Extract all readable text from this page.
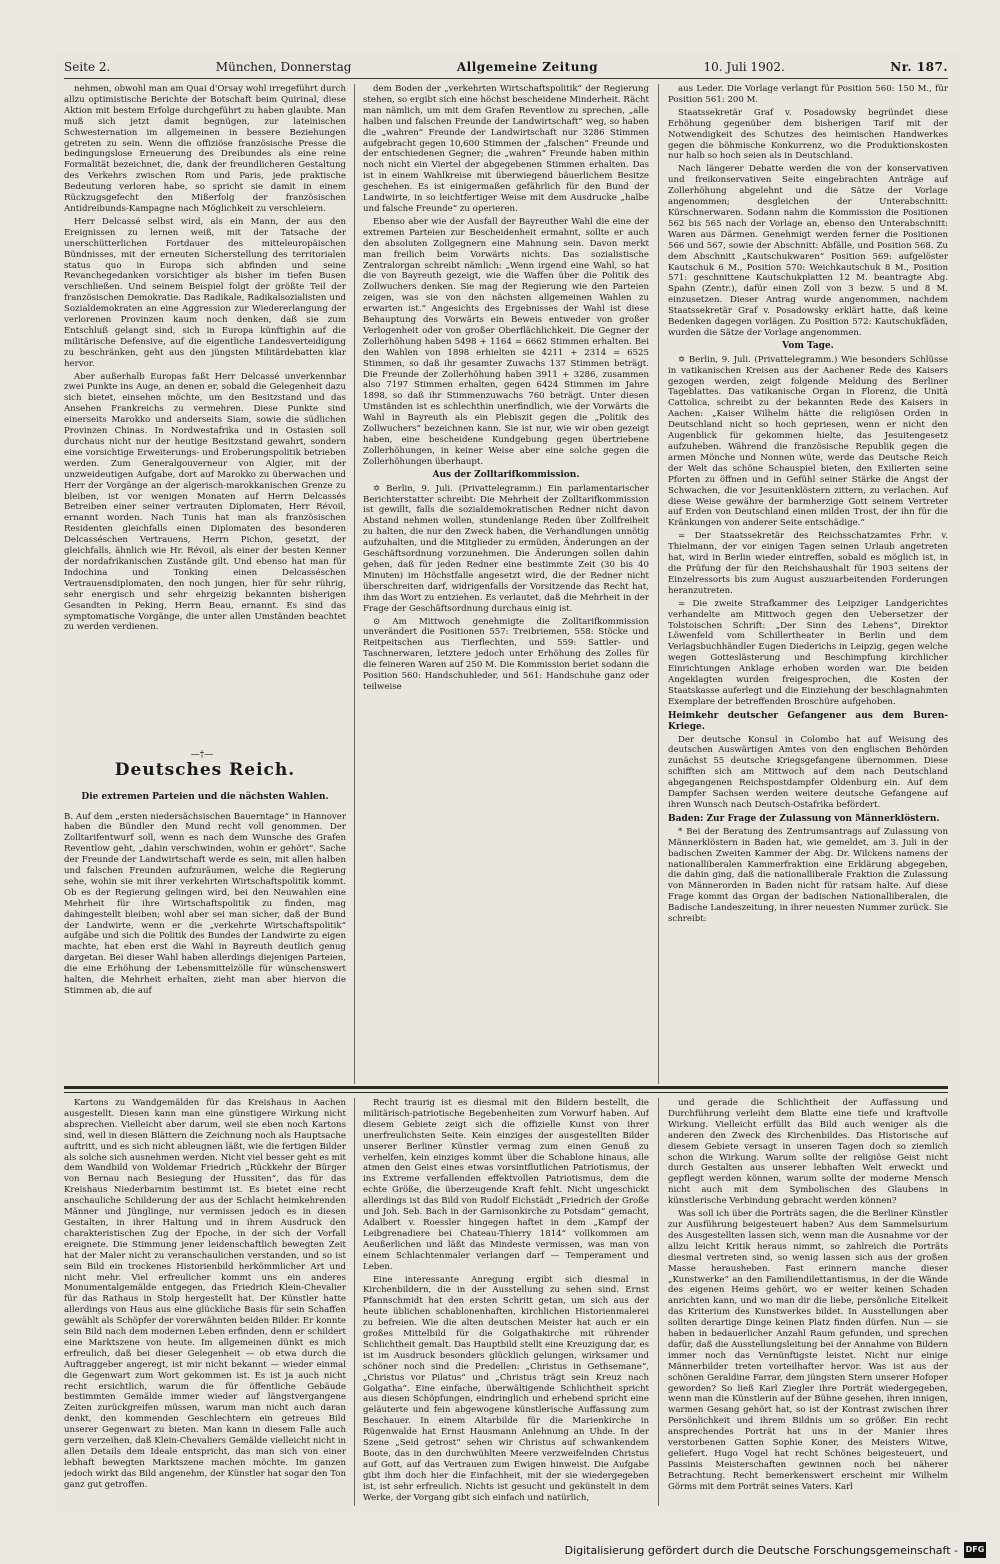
Seite 2.	München, Donnerstag	Allgemeine Zeitung	10. Juli 1902.	Nr. 187.

nehmen, obwohl man am Quai d'Orsay wohl irregeführt durch allzu optimistische Berichte der Botschaft beim Quirinal, diese Aktion mit bestem Erfolge durchgeführt zu haben glaubte. Man muß sich jetzt damit begnügen, zur lateinischen Schwesternation im allgemeinen in bessere Beziehungen getreten zu sein. Wenn die offiziöse französische Presse die bedingungslose Erneuerung des Dreibundes als eine reine Formalität bezeichnet, die, dank der freundlicheren Gestaltung des Verkehrs zwischen Rom und Paris, jede praktische Bedeutung verloren habe, so spricht sie damit in einem Rückzugsgefecht den Mißerfolg der französischen Antidreibunds-Kampagne nach Möglichkeit zu verschleiern.

Herr Delcassé selbst wird, als ein Mann, der aus den Ereignissen zu lernen weiß, mit der Tatsache der unerschütterlichen Fortdauer des mitteleuropäischen Bündnisses, mit der erneuten Sicherstellung des territorialen status quo in Europa sich abfinden und seine Revanchegedanken vorsichtiger als bisher im tiefen Busen verschließen. Und seinem Beispiel folgt der größte Teil der französischen Demokratie. Das Radikale, Radikalsozialisten und Sozialdemokraten an eine Aggression zur Wiedererlangung der verlorenen Provinzen kaum noch denken, daß sie zum Entschluß gelangt sind, sich in Europa künftighin auf die militärische Defensive, auf die eigentliche Landesverteidigung zu beschränken, geht aus den jüngsten Militärdebatten klar hervor.

Aber außerhalb Europas faßt Herr Delcassé unverkennbar zwei Punkte ins Auge, an denen er, sobald die Gelegenheit dazu sich bietet, einsehen möchte, um den Besitzstand und das Ansehen Frankreichs zu vermehren. Diese Punkte sind einerseits Marokko und anderseits Siam, sowie die südlichen Provinzen Chinas. In Nordwestafrika und in Ostasien soll durchaus nicht nur der heutige Besitzstand gewahrt, sondern eine vorsichtige Erweiterungs- und Eroberungspolitik betrieben werden. Zum Generalgouverneur von Algier, mit der unzweideutigen Aufgabe, dort auf Marokko zu überwachen und Herr der Vorgänge an der algerisch-marokkanischen Grenze zu bleiben, ist vor wenigen Monaten auf Herrn Delcassés Betreiben einer seiner vertrauten Diplomaten, Herr Révoil, ernannt worden. Nach Tunis hat man als französischen Residenten gleichfalls einen Diplomaten des besonderen Delcasséschen Vertrauens, Herrn Pichon, gesetzt, der gleichfalls, ähnlich wie Hr. Révoil, als einer der besten Kenner der nordafrikanischen Zustände gilt. Und ebenso hat man für Indochina und Tonking einen Delcasséschen Vertrauensdiplomaten, den noch jungen, hier für sehr rührig, sehr energisch und sehr ehrgeizig bekannten bisherigen Gesandten in Peking, Herrn Beau, ernannt. Es sind das symptomatische Vorgänge, die unter allen Umständen beachtet zu werden verdienen.

—†—
Deutsches Reich.
Die extremen Parteien und die nächsten Wahlen.

B. Auf dem „ersten niedersächsischen Bauerntage“ in Hannover haben die Bündler den Mund recht voll genommen. Der Zolltarifentwurf soll, wenn es nach dem Wunsche des Grafen Reventlow geht, „dahin verschwinden, wohin er gehört“. Sache der Freunde der Landwirtschaft werde es sein, mit allen halben und falschen Freunden aufzuräumen, welche die Regierung sehe, wohin sie mit ihrer verkehrten Wirtschaftspolitik kommt. Ob es der Regierung gelingen wird, bei den Neuwahlen eine Mehrheit für ihre Wirtschaftspolitik zu finden, mag dahingestellt bleiben; wohl aber sei man sicher, daß der Bund der Landwirte, wenn er die „verkehrte Wirtschaftspolitik“ aufgäbe und sich die Politik des Bundes der Landwirte zu eigen machte, hat eben erst die Wahl in Bayreuth deutlich genug dargetan. Bei dieser Wahl haben allerdings diejenigen Parteien, die eine Erhöhung der Lebensmittelzölle für wünschenswert halten, die Mehrheit erhalten, zieht man aber hiervon die Stimmen ab, die auf

dem Boden der „verkehrten Wirtschaftspolitik“ der Regierung stehen, so ergibt sich eine höchst bescheidene Minderheit. Rächt man nämlich, um mit dem Grafen Reventlow zu sprechen, „alle halben und falschen Freunde der Landwirtschaft“ weg, so haben die „wahren“ Freunde der Landwirtschaft nur 3286 Stimmen aufgebracht gegen 10,600 Stimmen der „falschen“ Freunde und der entschiedenen Gegner; die „wahren“ Freunde haben mithin noch nicht ein Viertel der abgegebenen Stimmen erhalten. Das ist in einem Wahlkreise mit überwiegend bäuerlichem Besitze geschehen. Es ist einigermaßen gefährlich für den Bund der Landwirte, in so leichtfertiger Weise mit dem Ausdrucke „halbe und falsche Freunde“ zu operieren.

Ebenso aber wie der Ausfall der Bayreuther Wahl die eine der extremen Parteien zur Bescheidenheit ermahnt, sollte er auch den absoluten Zollgegnern eine Mahnung sein. Davon merkt man freilich beim Vorwärts nichts. Das sozialistische Zentralorgan schreibt nämlich: „Wenn irgend eine Wahl, so hat die von Bayreuth gezeigt, wie die Waffen über die Politik des Zollwuchers denken. Sie mag der Regierung wie den Parteien zeigen, was sie von den nächsten allgemeinen Wahlen zu erwarten ist.“ Angesichts des Ergebnisses der Wahl ist diese Behauptung des Vorwärts ein Beweis entweder von großer Verlogenheit oder von großer Oberflächlichkeit. Die Gegner der Zollerhöhung haben 5498 + 1164 = 6662 Stimmen erhalten. Bei den Wahlen von 1898 erhielten sie 4211 + 2314 = 6525 Stimmen, so daß ihr gesamter Zuwachs 137 Stimmen beträgt. Die Freunde der Zollerhöhung haben 3911 + 3286, zusammen also 7197 Stimmen erhalten, gegen 6424 Stimmen im Jahre 1898, so daß ihr Stimmenzuwachs 760 beträgt. Unter diesen Umständen ist es schlechthin unerfindlich, wie der Vorwärts die Wahl in Bayreuth als ein Plebiszit gegen die „Politik des Zollwuchers“ bezeichnen kann. Sie ist nur, wie wir oben gezeigt haben, eine bescheidene Kundgebung gegen übertriebene Zollerhöhungen, in keiner Weise aber eine solche gegen die Zollerhöhungen überhaupt.

Aus der Zolltarifkommission.

✡ Berlin, 9. Juli. (Privattelegramm.) Ein parlamentarischer Berichterstatter schreibt: Die Mehrheit der Zolltarifkommission ist gewillt, falls die sozialdemokratischen Redner nicht davon Abstand nehmen wollen, stundenlange Reden über Zollfreiheit zu halten, die nur den Zweck haben, die Verhandlungen unnötig aufzuhalten, und die Mitglieder zu ermüden, Änderungen an der Geschäftsordnung vorzunehmen. Die Änderungen sollen dahin gehen, daß für jeden Redner eine bestimmte Zeit (30 bis 40 Minuten) im Höchstfalle angesetzt wird, die der Redner nicht überschreiten darf, widrigenfalls der Vorsitzende das Recht hat, ihm das Wort zu entziehen. Es verlautet, daß die Mehrheit in der Frage der Geschäftsordnung durchaus einig ist.

⊙ Am Mittwoch genehmigte die Zolltarifkommission unverändert die Positionen 557: Treibriemen, 558: Stöcke und Reitpeitschen aus Tierflechten, und 559: Sattler- und Taschnerwaren, letztere jedoch unter Erhöhung des Zolles für die feineren Waren auf 250 M. Die Kommission beriet sodann die Position 560: Handschuhleder, und 561: Handschuhe ganz oder teilweise

aus Leder. Die Vorlage verlangt für Position 560: 150 M., für Position 561: 200 M.

Staatssekretär Graf v. Posadowsky begründet diese Erhöhung gegenüber dem bisherigen Tarif mit der Notwendigkeit des Schutzes des heimischen Handwerkes gegen die böhmische Konkurrenz, wo die Produktionskosten nur halb so hoch seien als in Deutschland.

Nach längerer Debatte werden die von der konservativen und freikonservativen Seite eingebrachten Anträge auf Zollerhöhung abgelehnt und die Sätze der Vorlage angenommen; desgleichen der Unterabschnitt: Kürschnerwaren. Sodann nahm die Kommission die Positionen 562 bis 565 nach der Vorlage an, ebenso den Unterabschnitt: Waren aus Därmen. Genehmigt werden ferner die Positionen 566 und 567, sowie der Abschnitt: Abfälle, und Position 568. Zu dem Abschnitt „Kautschukwaren“ Position 569: aufgelöster Kautschuk 6 M., Position 570: Weichkautschuk 8 M., Position 571: geschnittene Kautschukplatten 12 M. beantragte Abg. Spahn (Zentr.), dafür einen Zoll von 3 bezw. 5 und 8 M. einzusetzen. Dieser Antrag wurde angenommen, nachdem Staatssekretär Graf v. Posadowsky erklärt hatte, daß keine Bedenken dagegen vorlägen. Zu Position 572: Kautschukfäden, wurden die Sätze der Vorlage angenommen.

Vom Tage.

✡ Berlin, 9. Juli. (Privattelegramm.) Wie besonders Schlüsse in vatikanischen Kreisen aus der Aachener Rede des Kaisers gezogen werden, zeigt folgende Meldung des Berliner Tageblattes. Das vatikanische Organ in Florenz, die Unità Cattolica, schreibt zu der bekannten Rede des Kaisers in Aachen: „Kaiser Wilhelm hätte die religiösen Orden in Deutschland nicht so hoch gepriesen, wenn er nicht den Augenblick für gekommen hielte, das Jesuitengesetz aufzuheben. Während die französische Republik gegen die armen Mönche und Nonnen wüte, werde das Deutsche Reich der Welt das schöne Schauspiel bieten, den Exilierten seine Pforten zu öffnen und in Gefühl seiner Stärke die Angst der Schwachen, die vor Jesuitenklöstern zittern, zu verlachen. Auf diese Weise gewähre der barmherzige Gott seinem Vertreter auf Erden von Deutschland einen milden Trost, der ihn für die Kränkungen von anderer Seite entschädige.“

= Der Staatssekretär des Reichsschatzamtes Frhr. v. Thielmann, der vor einigen Tagen seinen Urlaub angetreten hat, wird in Berlin wieder eintreffen, sobald es möglich ist, in die Prüfung der für den Reichshaushalt für 1903 seitens der Einzelressorts bis zum August auszuarbeitenden Forderungen heranzutreten.

= Die zweite Strafkammer des Leipziger Landgerichtes verhandelte am Mittwoch gegen den Uebersetzer der Tolstoischen Schrift: „Der Sinn des Lebens“, Direktor Löwenfeld vom Schillertheater in Berlin und dem Verlagsbuchhändler Eugen Diederichs in Leipzig, gegen welche wegen Gotteslästerung und Beschimpfung kirchlicher Einrichtungen Anklage erhoben worden war. Die beiden Angeklagten wurden freigesprochen, die Kosten der Staatskasse auferlegt und die Einziehung der beschlagnahmten Exemplare der betreffenden Broschüre aufgehoben.

Heimkehr deutscher Gefangener aus dem Buren-Kriege.

Der deutsche Konsul in Colombo hat auf Weisung des deutschen Auswärtigen Amtes von den englischen Behörden zunächst 55 deutsche Kriegsgefangene übernommen. Diese schifften sich am Mittwoch auf dem nach Deutschland abgegangenen Reichspostdampfer Oldenburg ein. Auf dem Dampfer Sachsen werden weitere deutsche Gefangene auf ihren Wunsch nach Deutsch-Ostafrika befördert.

Baden: Zur Frage der Zulassung von Männerklöstern.

* Bei der Beratung des Zentrumsantrags auf Zulassung von Männerklöstern in Baden hat, wie gemeldet, am 3. Juli in der badischen Zweiten Kammer der Abg. Dr. Wilckens namens der nationalliberalen Kammerfraktion eine Erklärung abgegeben, die dahin ging, daß die nationalliberale Fraktion die Zulassung von Männerorden in Baden nicht für ratsam halte. Auf diese Frage kommt das Organ der badischen Nationalliberalen, die Badische Landeszeitung, in ihrer neuesten Nummer zurück. Sie schreibt:

Kartons zu Wandgemälden für das Kreishaus in Aachen ausgestellt. Diesen kann man eine günstigere Wirkung nicht absprechen. Vielleicht aber darum, weil sie eben noch Kartons sind, weil in diesen Blättern die Zeichnung noch als Hauptsache auftritt, und es sich nicht ableugnen läßt, wie die fertigen Bilder als solche sich ausnehmen werden. Nicht viel besser geht es mit dem Wandbild von Woldemar Friedrich „Rückkehr der Bürger von Bernau nach Besiegung der Hussiten“, das für das Kreishaus Niederbarnim bestimmt ist. Es bietet eine recht anschauliche Schilderung der aus der Schlacht heimkehrenden Männer und Jünglinge, nur vermissen jedoch es in diesen Gestalten, in ihrer Haltung und in ihrem Ausdruck den charakteristischen Zug der Epoche, in der sich der Vorfall ereignete. Die Stimmung jener leidenschaftlich bewegten Zeit hat der Maler nicht zu veranschaulichen verstanden, und so ist sein Bild ein trockenes Historienbild herkömmlicher Art und nicht mehr. Viel erfreulicher kommt uns ein anderes Monumentalgemälde entgegen, das Friedrich Klein-Chevalier für das Rathaus in Stolp hergestellt hat. Der Künstler hatte allerdings von Haus aus eine glückliche Basis für sein Schaffen gewählt als Schöpfer der vorerwähnten beiden Bilder. Er konnte sein Bild nach dem modernen Leben erfinden, denn er schildert eine Marktszene von heute. Im allgemeinen dünkt es mich erfreulich, daß bei dieser Gelegenheit — ob etwa durch die Auftraggeber angeregt, ist mir nicht bekannt — wieder einmal die Gegenwart zum Wort gekommen ist. Es ist ja auch nicht recht ersichtlich, warum die für öffentliche Gebäude bestimmten Gemälde immer wieder auf längstvergangene Zeiten zurückgreifen müssen, warum man nicht auch daran denkt, den kommenden Geschlechtern ein getreues Bild unserer Gegenwart zu bieten. Man kann in diesem Falle auch gern verzeihen, daß Klein-Chevaliers Gemälde vielleicht nicht in allen Details dem Ideale entspricht, das man sich von einer lebhaft bewegten Marktszene machen möchte. Im ganzen jedoch wirkt das Bild angenehm, der Künstler hat sogar den Ton ganz gut getroffen.

Recht traurig ist es diesmal mit den Bildern bestellt, die militärisch-patriotische Begebenheiten zum Vorwurf haben. Auf diesem Gebiete zeigt sich die offizielle Kunst von ihrer unerfreulichsten Seite. Kein einziges der ausgestellten Bilder unserer Berliner Künstler vermag zum einen Genuß zu verhelfen, kein einziges kommt über die Schablone hinaus, alle atmen den Geist eines etwas vorsintflutlichen Patriotismus, der ins Extreme verfallenden effektvollen Patriotismus, dem die echte Größe, die überzeugende Kraft fehlt. Nicht ungeschickt allerdings ist das Bild von Rudolf Eichstädt „Friedrich der Große und Joh. Seb. Bach in der Garnisonkirche zu Potsdam“ gemacht, Adalbert v. Roessler hingegen haftet in dem „Kampf der Leibgrenadiere bei Chateau-Thierry 1814“ vollkommen am Aeußerlichen und läßt das Mindeste vermissen, was man von einem Schlachtenmaler verlangen darf — Temperament und Leben.

Eine interessante Anregung ergibt sich diesmal in Kirchenbildern, die in der Ausstellung zu sehen sind. Ernst Pfannschmidt hat den ersten Schritt getan, um sich aus der heute üblichen schablonenhaften, kirchlichen Historienmalerei zu befreien. Wie die alten deutschen Meister hat auch er ein großes Mittelbild für die Golgathakirche mit rührender Schlichtheit gemalt. Das Hauptbild stellt eine Kreuzigung dar, es ist im Ausdruck besonders glücklich gelungen, wirksamer und schöner noch sind die Predellen: „Christus in Gethsemane“, „Christus vor Pilatus“ und „Christus trägt sein Kreuz nach Golgatha“. Eine einfache, überwältigende Schlichtheit spricht aus diesen Schöpfungen, eindringlich und erhebend spricht eine geläuterte und fein abgewogene künstlerische Auffassung zum Beschauer. In einem Altarbilde für die Marienkirche in Rügenwalde hat Ernst Hausmann Anlehnung an Uhde. In der Szene „Seid getrost“ sehen wir Christus auf schwankendem Boote, das in den durchwühlten Meere verzweifelnden Christus auf Gott, auf das Vertrauen zum Ewigen hinweist. Die Aufgabe gibt ihm doch hier die Einfachheit, mit der sie wiedergegeben ist, ist sehr erfreulich. Nichts ist gesucht und gekünstelt in dem Werke, der Vorgang gibt sich einfach und natürlich,

und gerade die Schlichtheit der Auffassung und Durchführung verleiht dem Blatte eine tiefe und kraftvolle Wirkung. Vielleicht erfüllt das Bild auch weniger als die anderen den Zweck des Kirchenbildes. Das Historische auf diesem Gebiete versagt in unseren Tagen doch so ziemlich schon die Wirkung. Warum sollte der religiöse Geist nicht durch Gestalten aus unserer lebhaften Welt erweckt und gepflegt werden können, warum sollte der moderne Mensch nicht auch mit dem Symbolischen des Glaubens in künstlerische Verbindung gebracht werden können?

Was soll ich über die Porträts sagen, die die Berliner Künstler zur Ausführung beigesteuert haben? Aus dem Sammelsurium des Ausgestellten lassen sich, wenn man die Ausnahme vor der allzu leicht Kritik heraus nimmt, so zahlreich die Porträts diesmal vertreten sind, so wenig lassen sich aus der großen Masse herausheben. Fast erinnern manche dieser „Kunstwerke“ an den Familiendilettantismus, in der die Wände des eigenen Heims gehört, wo er weiter keinen Schaden anrichten kann, und wo man dir die liebe, persönliche Eitelkeit das Kriterium des Kunstwerkes bildet. In Ausstellungen aber sollten derartige Dinge keinen Platz finden dürfen. Nun — sie haben in bedauerlicher Anzahl Raum gefunden, und sprechen dafür, daß die Ausstellungsleitung bei der Annahme von Bildern immer noch das Vernünftigste leistet. Nicht nur einige Männerbilder treten vorteilhafter hervor. Was ist aus der schönen Geraldine Farrar, dem jüngsten Stern unserer Hofoper geworden? So ließ Karl Ziegler ihre Porträt wiedergegeben, wenn man die Künstlerin auf der Bühne gesehen, ihren innigen, warmen Gesang gehört hat, so ist der Kontrast zwischen ihrer Persönlichkeit und ihrem Bildnis um so größer. Ein recht ansprechendes Porträt hat uns in der Manier ihres verstorbenen Gatten Sophie Koner, des Meisters Witwe, geliefert. Hugo Vogel hat recht Schönes beigesteuert, und Passinis Meisterschaften gewinnen noch bei näherer Betrachtung. Recht bemerkenswert erscheint mir Wilhelm Görms mit dem Porträt seines Vaters. Karl

Digitalisierung gefördert durch die Deutsche Forschungsgemeinschaft - DFG
